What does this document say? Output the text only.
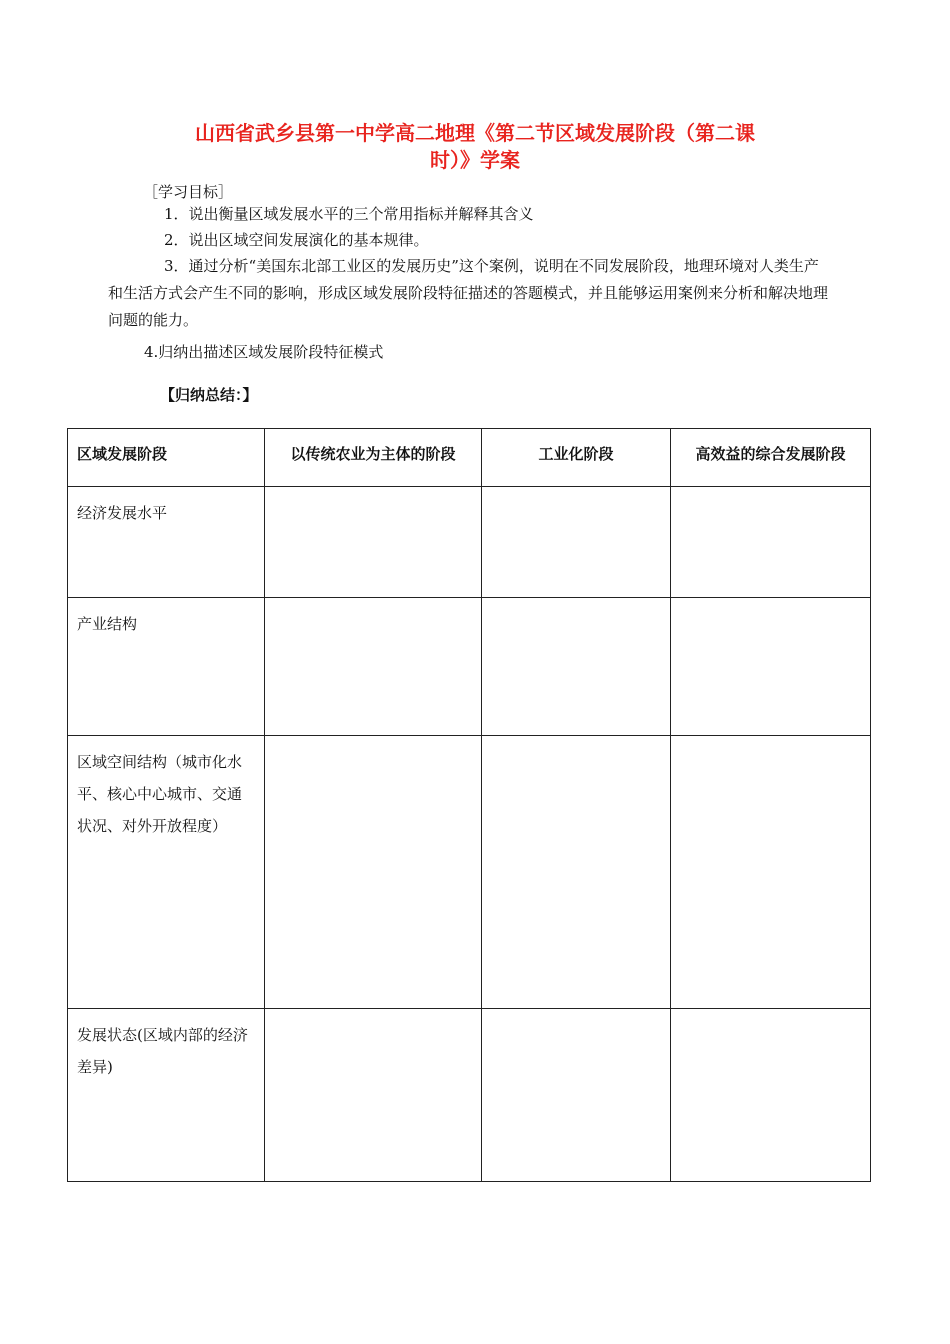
山西省武乡县第一中学高二地理《第二节区域发展阶段（第二课
时）》学案
［学习目标］
1．说出衡量区域发展水平的三个常用指标并解释其含义
2．说出区域空间发展演化的基本规律。
3．通过分析“美国东北部工业区的发展历史”这个案例，说明在不同发展阶段，地理环境对人类生产和生活方式会产生不同的影响，形成区域发展阶段特征描述的答题模式，并且能够运用案例来分析和解决地理问题的能力。
4.归纳出描述区域发展阶段特征模式
【归纳总结：】
区域发展阶段	以传统农业为主体的阶段	工业化阶段	高效益的综合发展阶段
经济发展水平			
产业结构			
区域空间结构（城市化水平、核心中心城市、交通状况、对外开放程度）			
发展状态(区域内部的经济差异)			
